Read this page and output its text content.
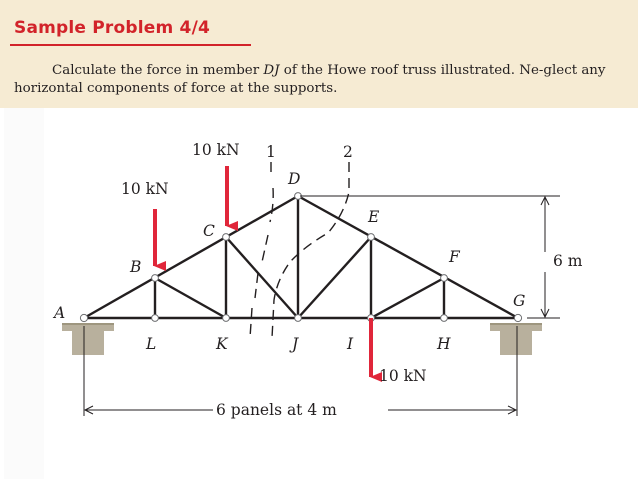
Sample Problem 4/4
Calculate the force in member DJ of the Howe roof truss illustrated. Ne-glect any horizontal components of force at the supports.
A
B
C
D
E
F
G
H
I
J
K
L
1	2
10 kN
10 kN
10 kN
6 m
6 panels at 4 m
